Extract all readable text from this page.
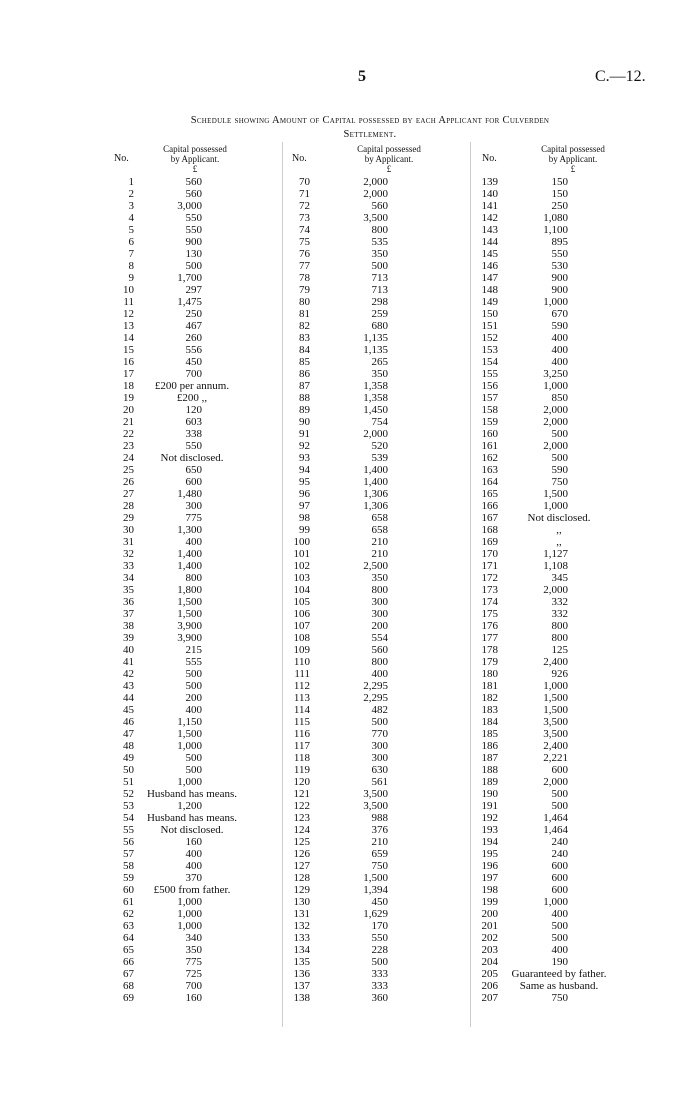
5	C.—12.
Schedule showing Amount of Capital possessed by each Applicant for Culverden
Settlement.
No.
Capital possessed
by Applicant.
£
1	560
2	560
3	3,000
4	550
5	550
6	900
7	130
8	500
9	1,700
10	297
11	1,475
12	250
13	467
14	260
15	556
16	450
17	700
18	£200 per annum.
19	£200 ,,
20	120
21	603
22	338
23	550
24	Not disclosed.
25	650
26	600
27	1,480
28	300
29	775
30	1,300
31	400
32	1,400
33	1,400
34	800
35	1,800
36	1,500
37	1,500
38	3,900
39	3,900
40	215
41	555
42	500
43	500
44	200
45	400
46	1,150
47	1,500
48	1,000
49	500
50	500
51	1,000
52	Husband has means.
53	1,200
54	Husband has means.
55	Not disclosed.
56	160
57	400
58	400
59	370
60	£500 from father.
61	1,000
62	1,000
63	1,000
64	340
65	350
66	775
67	725
68	700
69	160
No.
Capital possessed
by Applicant.
£
70	2,000
71	2,000
72	560
73	3,500
74	800
75	535
76	350
77	500
78	713
79	713
80	298
81	259
82	680
83	1,135
84	1,135
85	265
86	350
87	1,358
88	1,358
89	1,450
90	754
91	2,000
92	520
93	539
94	1,400
95	1,400
96	1,306
97	1,306
98	658
99	658
100	210
101	210
102	2,500
103	350
104	800
105	300
106	300
107	200
108	554
109	560
110	800
111	400
112	2,295
113	2,295
114	482
115	500
116	770
117	300
118	300
119	630
120	561
121	3,500
122	3,500
123	988
124	376
125	210
126	659
127	750
128	1,500
129	1,394
130	450
131	1,629
132	170
133	550
134	228
135	500
136	333
137	333
138	360
No.
Capital possessed
by Applicant.
£
139	150
140	150
141	250
142	1,080
143	1,100
144	895
145	550
146	530
147	900
148	900
149	1,000
150	670
151	590
152	400
153	400
154	400
155	3,250
156	1,000
157	850
158	2,000
159	2,000
160	500
161	2,000
162	500
163	590
164	750
165	1,500
166	1,000
167	Not disclosed.
168	,,
169	,,
170	1,127
171	1,108
172	345
173	2,000
174	332
175	332
176	800
177	800
178	125
179	2,400
180	926
181	1,000
182	1,500
183	1,500
184	3,500
185	3,500
186	2,400
187	2,221
188	600
189	2,000
190	500
191	500
192	1,464
193	1,464
194	240
195	240
196	600
197	600
198	600
199	1,000
200	400
201	500
202	500
203	400
204	190
205 Guaranteed by father.
206	Same as husband.
207	750
